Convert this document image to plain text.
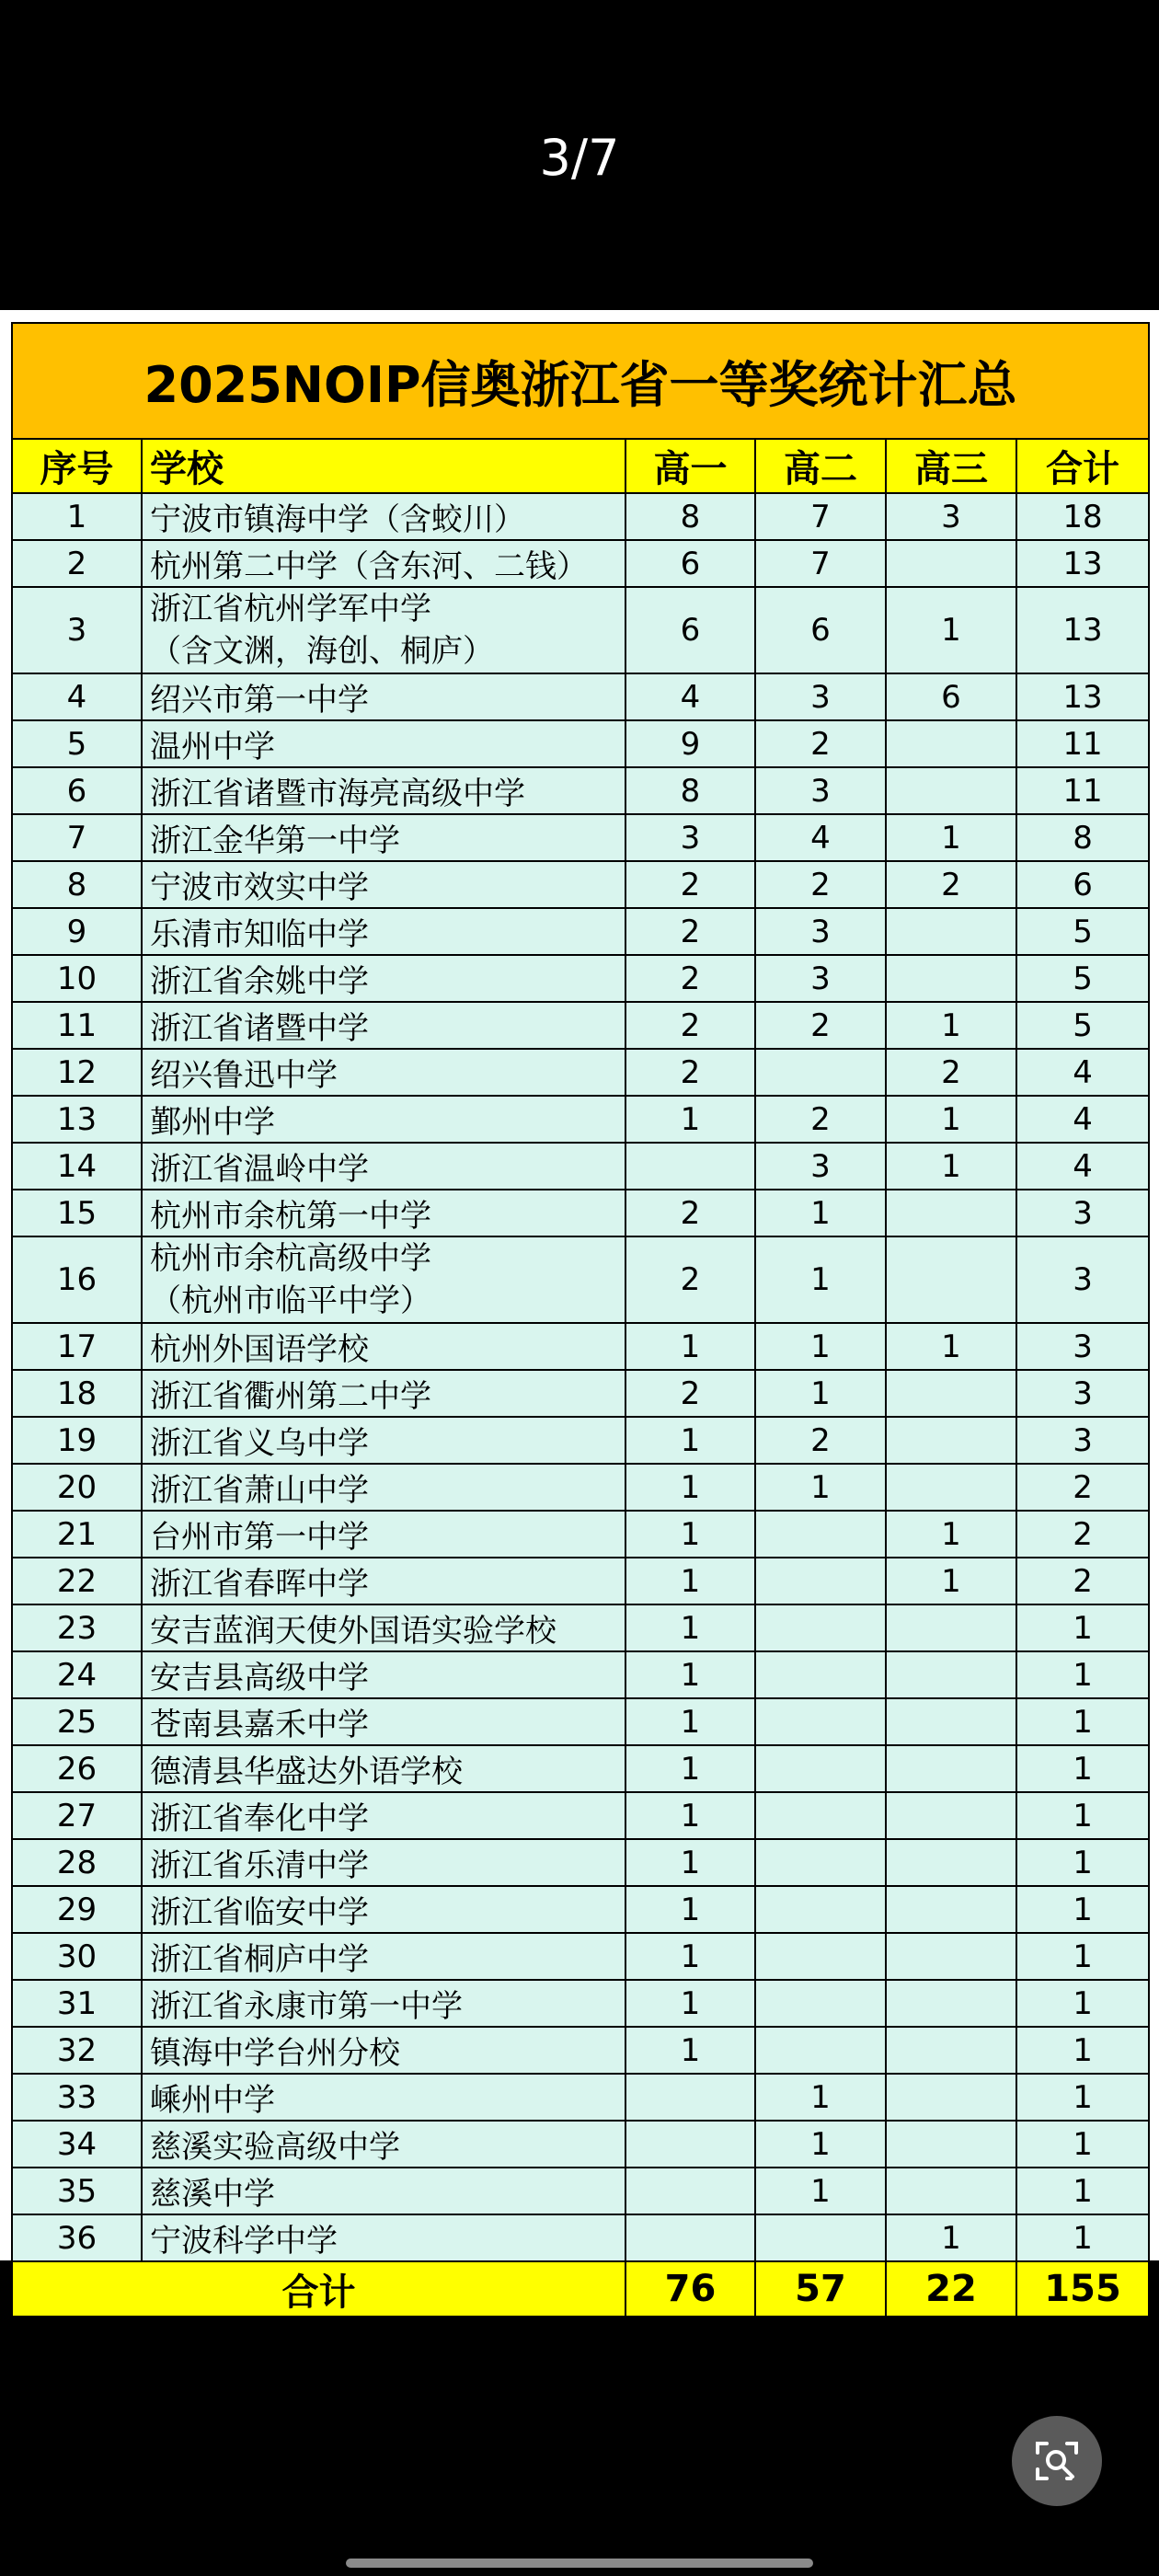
3/7
2025NOIP信奥浙江省一等奖统计汇总					
序号	学校	高一	高二	高三	合计
1	宁波市镇海中学（含蛟川）	8	7	3	18
2	杭州第二中学（含东河、二钱）	6	7		13
3	浙江省杭州学军中学
（含文渊，海创、桐庐）	6	6	1	13
4	绍兴市第一中学	4	3	6	13
5	温州中学	9	2		11
6	浙江省诸暨市海亮高级中学	8	3		11
7	浙江金华第一中学	3	4	1	8
8	宁波市效实中学	2	2	2	6
9	乐清市知临中学	2	3		5
10	浙江省余姚中学	2	3		5
11	浙江省诸暨中学	2	2	1	5
12	绍兴鲁迅中学	2		2	4
13	鄞州中学	1	2	1	4
14	浙江省温岭中学		3	1	4
15	杭州市余杭第一中学	2	1		3
16	杭州市余杭高级中学
（杭州市临平中学）	2	1		3
17	杭州外国语学校	1	1	1	3
18	浙江省衢州第二中学	2	1		3
19	浙江省义乌中学	1	2		3
20	浙江省萧山中学	1	1		2
21	台州市第一中学	1		1	2
22	浙江省春晖中学	1		1	2
23	安吉蓝润天使外国语实验学校	1			1
24	安吉县高级中学	1			1
25	苍南县嘉禾中学	1			1
26	德清县华盛达外语学校	1			1
27	浙江省奉化中学	1			1
28	浙江省乐清中学	1			1
29	浙江省临安中学	1			1
30	浙江省桐庐中学	1			1
31	浙江省永康市第一中学	1			1
32	镇海中学台州分校	1			1
33	嵊州中学		1		1
34	慈溪实验高级中学		1		1
35	慈溪中学		1		1
36	宁波科学中学			1	1
合计		76	57	22	155
